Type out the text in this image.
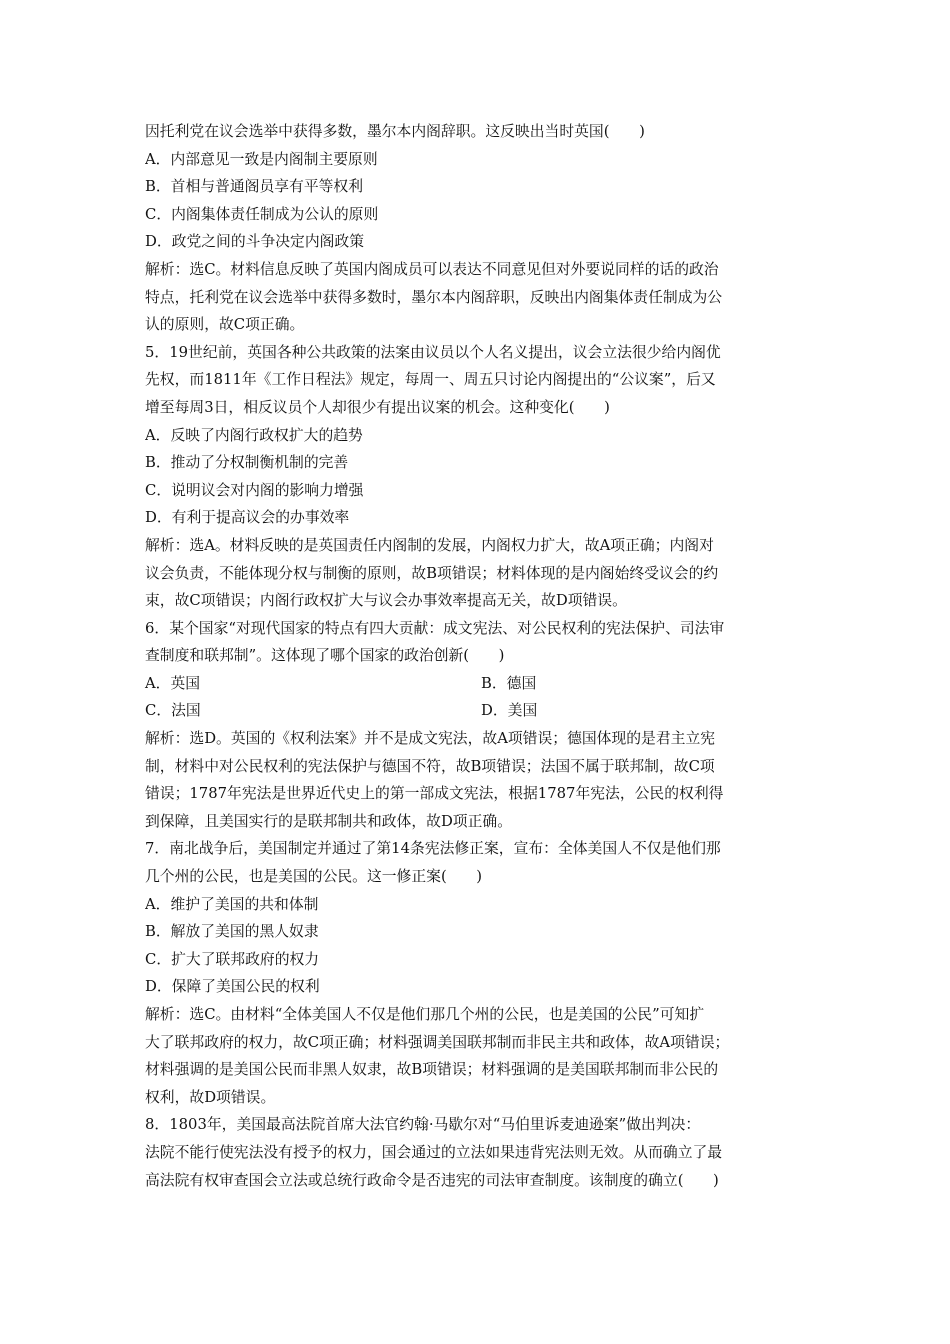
因托利党在议会选举中获得多数，墨尔本内阁辞职。这反映出当时英国(　　)
A．内部意见一致是内阁制主要原则
B．首相与普通阁员享有平等权利
C．内阁集体责任制成为公认的原则
D．政党之间的斗争决定内阁政策
解析：选C。材料信息反映了英国内阁成员可以表达不同意见但对外要说同样的话的政治
特点，托利党在议会选举中获得多数时，墨尔本内阁辞职，反映出内阁集体责任制成为公
认的原则，故C项正确。
5．19世纪前，英国各种公共政策的法案由议员以个人名义提出，议会立法很少给内阁优
先权，而1811年《工作日程法》规定，每周一、周五只讨论内阁提出的“公议案”，后又
增至每周3日，相反议员个人却很少有提出议案的机会。这种变化(　　)
A．反映了内阁行政权扩大的趋势
B．推动了分权制衡机制的完善
C．说明议会对内阁的影响力增强
D．有利于提高议会的办事效率
解析：选A。材料反映的是英国责任内阁制的发展，内阁权力扩大，故A项正确；内阁对
议会负责，不能体现分权与制衡的原则，故B项错误；材料体现的是内阁始终受议会的约
束，故C项错误；内阁行政权扩大与议会办事效率提高无关，故D项错误。
6．某个国家“对现代国家的特点有四大贡献：成文宪法、对公民权利的宪法保护、司法审
查制度和联邦制”。这体现了哪个国家的政治创新(　　)
A．英国	B．德国
C．法国	D．美国
解析：选D。英国的《权利法案》并不是成文宪法，故A项错误；德国体现的是君主立宪
制，材料中对公民权利的宪法保护与德国不符，故B项错误；法国不属于联邦制，故C项
错误；1787年宪法是世界近代史上的第一部成文宪法，根据1787年宪法，公民的权利得
到保障，且美国实行的是联邦制共和政体，故D项正确。
7．南北战争后，美国制定并通过了第14条宪法修正案，宣布：全体美国人不仅是他们那
几个州的公民，也是美国的公民。这一修正案(　　)
A．维护了美国的共和体制
B．解放了美国的黑人奴隶
C．扩大了联邦政府的权力
D．保障了美国公民的权利
解析：选C。由材料“全体美国人不仅是他们那几个州的公民，也是美国的公民”可知扩
大了联邦政府的权力，故C项正确；材料强调美国联邦制而非民主共和政体，故A项错误；
材料强调的是美国公民而非黑人奴隶，故B项错误；材料强调的是美国联邦制而非公民的
权利，故D项错误。
8．1803年，美国最高法院首席大法官约翰·马歇尔对“马伯里诉麦迪逊案”做出判决：
法院不能行使宪法没有授予的权力，国会通过的立法如果违背宪法则无效。从而确立了最
高法院有权审查国会立法或总统行政命令是否违宪的司法审查制度。该制度的确立(　　)
